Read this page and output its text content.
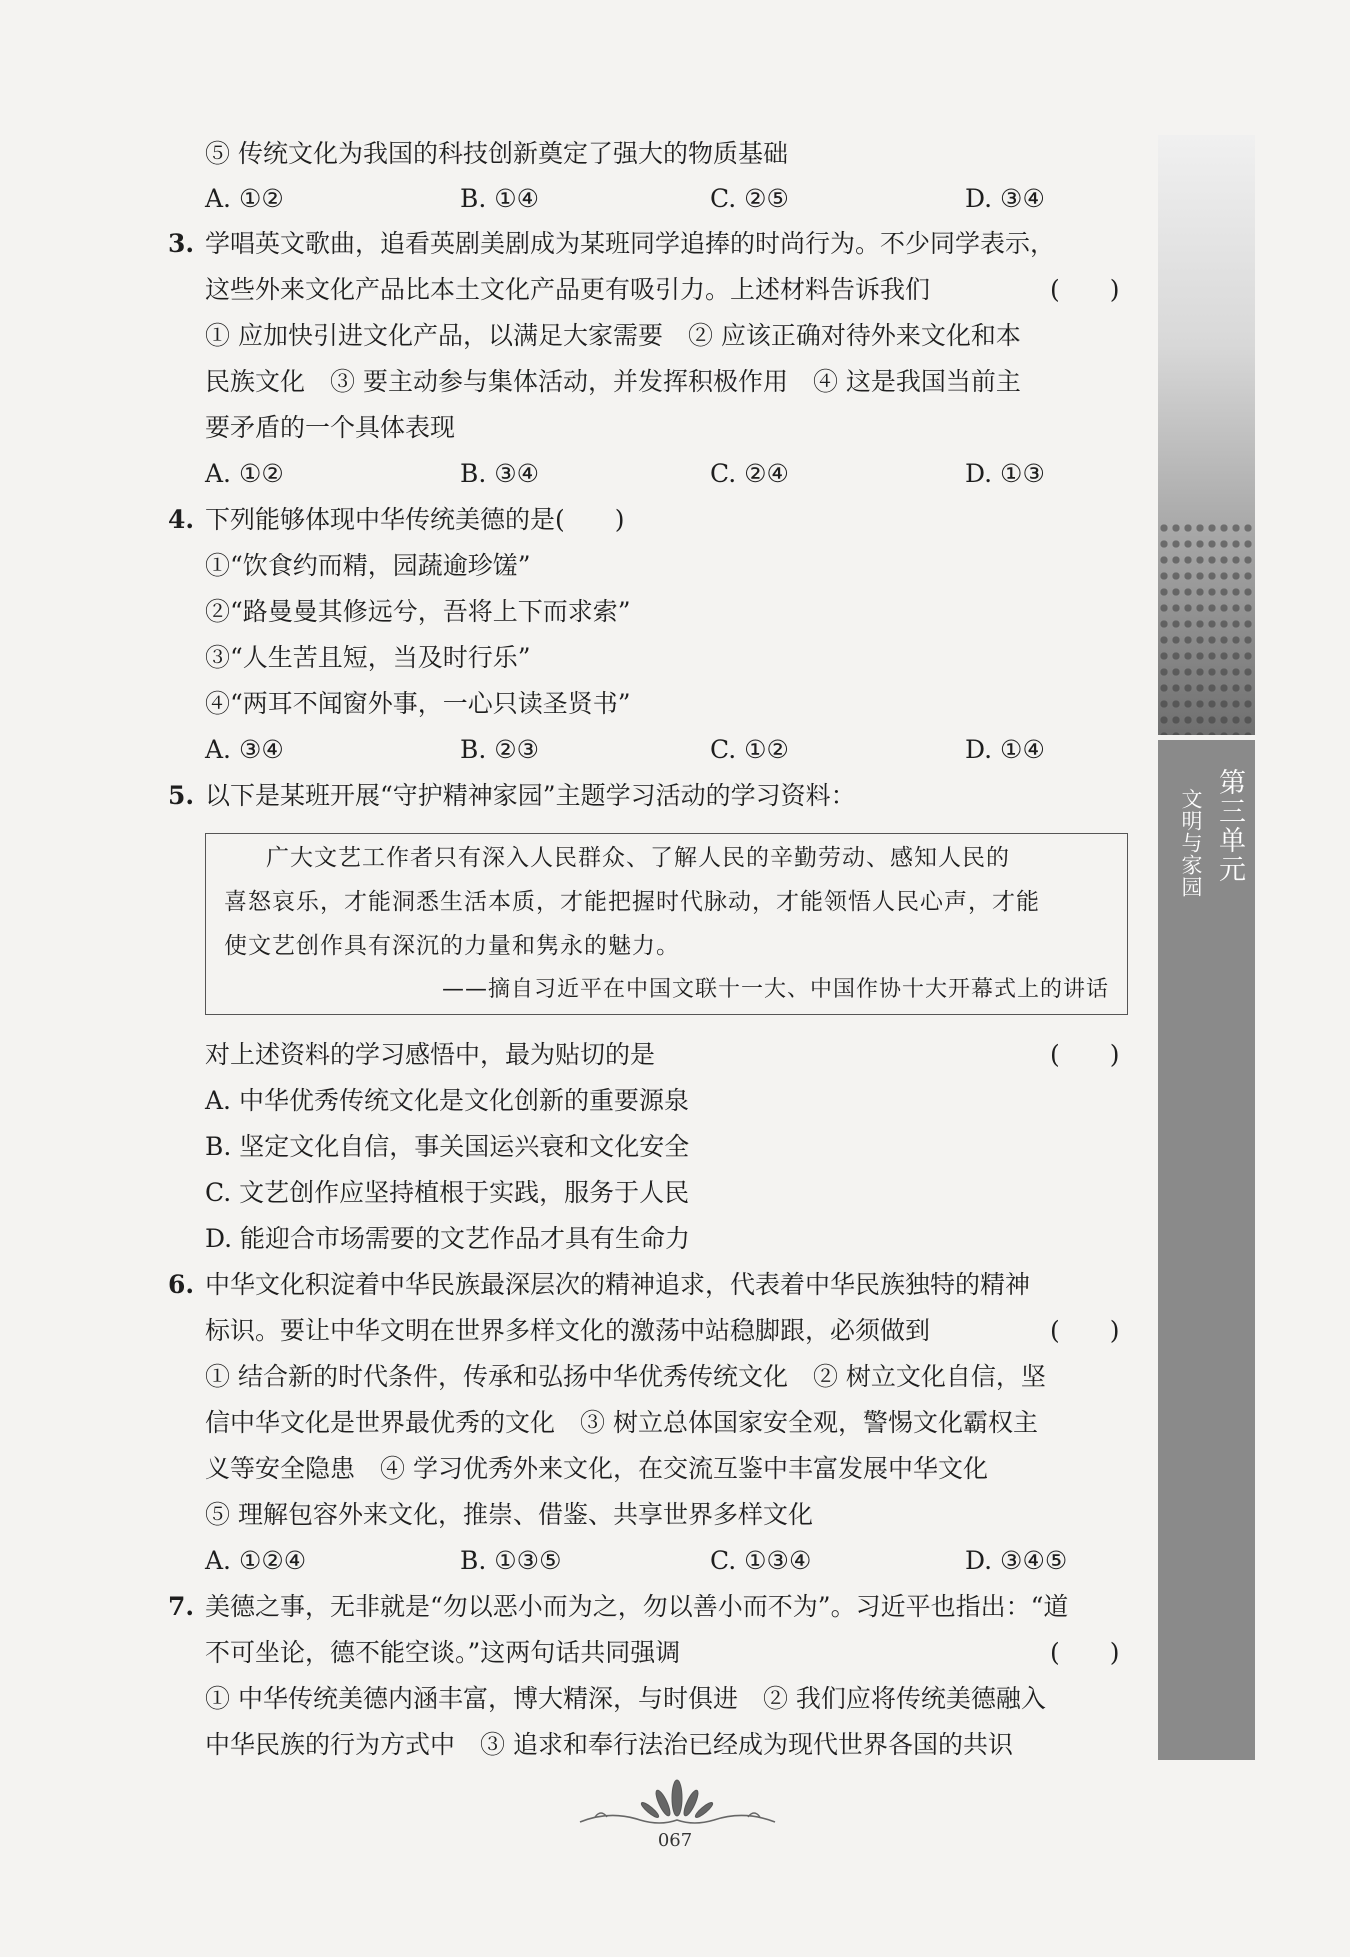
第三单元
文明与家园
⑤ 传统文化为我国的科技创新奠定了强大的物质基础
A. ①②	B. ①④	C. ②⑤	D. ③④
3. 学唱英文歌曲，追看英剧美剧成为某班同学追捧的时尚行为。不少同学表示，
这些外来文化产品比本土文化产品更有吸引力。上述材料告诉我们	(　　)
① 应加快引进文化产品，以满足大家需要　② 应该正确对待外来文化和本
民族文化　③ 要主动参与集体活动，并发挥积极作用　④ 这是我国当前主
要矛盾的一个具体表现
A. ①②	B. ③④	C. ②④	D. ①③
4. 下列能够体现中华传统美德的是(　　)
①“饮食约而精，园蔬逾珍馐”
②“路曼曼其修远兮，吾将上下而求索”
③“人生苦且短，当及时行乐”
④“两耳不闻窗外事，一心只读圣贤书”
A. ③④	B. ②③	C. ①②	D. ①④
5. 以下是某班开展“守护精神家园”主题学习活动的学习资料：
广大文艺工作者只有深入人民群众、了解人民的辛勤劳动、感知人民的
喜怒哀乐，才能洞悉生活本质，才能把握时代脉动，才能领悟人民心声，才能
使文艺创作具有深沉的力量和隽永的魅力。
——摘自习近平在中国文联十一大、中国作协十大开幕式上的讲话
对上述资料的学习感悟中，最为贴切的是	(　　)
A. 中华优秀传统文化是文化创新的重要源泉
B. 坚定文化自信，事关国运兴衰和文化安全
C. 文艺创作应坚持植根于实践，服务于人民
D. 能迎合市场需要的文艺作品才具有生命力
6. 中华文化积淀着中华民族最深层次的精神追求，代表着中华民族独特的精神
标识。要让中华文明在世界多样文化的激荡中站稳脚跟，必须做到	(　　)
① 结合新的时代条件，传承和弘扬中华优秀传统文化　② 树立文化自信，坚
信中华文化是世界最优秀的文化　③ 树立总体国家安全观，警惕文化霸权主
义等安全隐患　④ 学习优秀外来文化，在交流互鉴中丰富发展中华文化
⑤ 理解包容外来文化，推崇、借鉴、共享世界多样文化
A. ①②④	B. ①③⑤	C. ①③④	D. ③④⑤
7. 美德之事，无非就是“勿以恶小而为之，勿以善小而不为”。习近平也指出：“道
不可坐论，德不能空谈。”这两句话共同强调	(　　)
① 中华传统美德内涵丰富，博大精深，与时俱进　② 我们应将传统美德融入
中华民族的行为方式中　③ 追求和奉行法治已经成为现代世界各国的共识
067
